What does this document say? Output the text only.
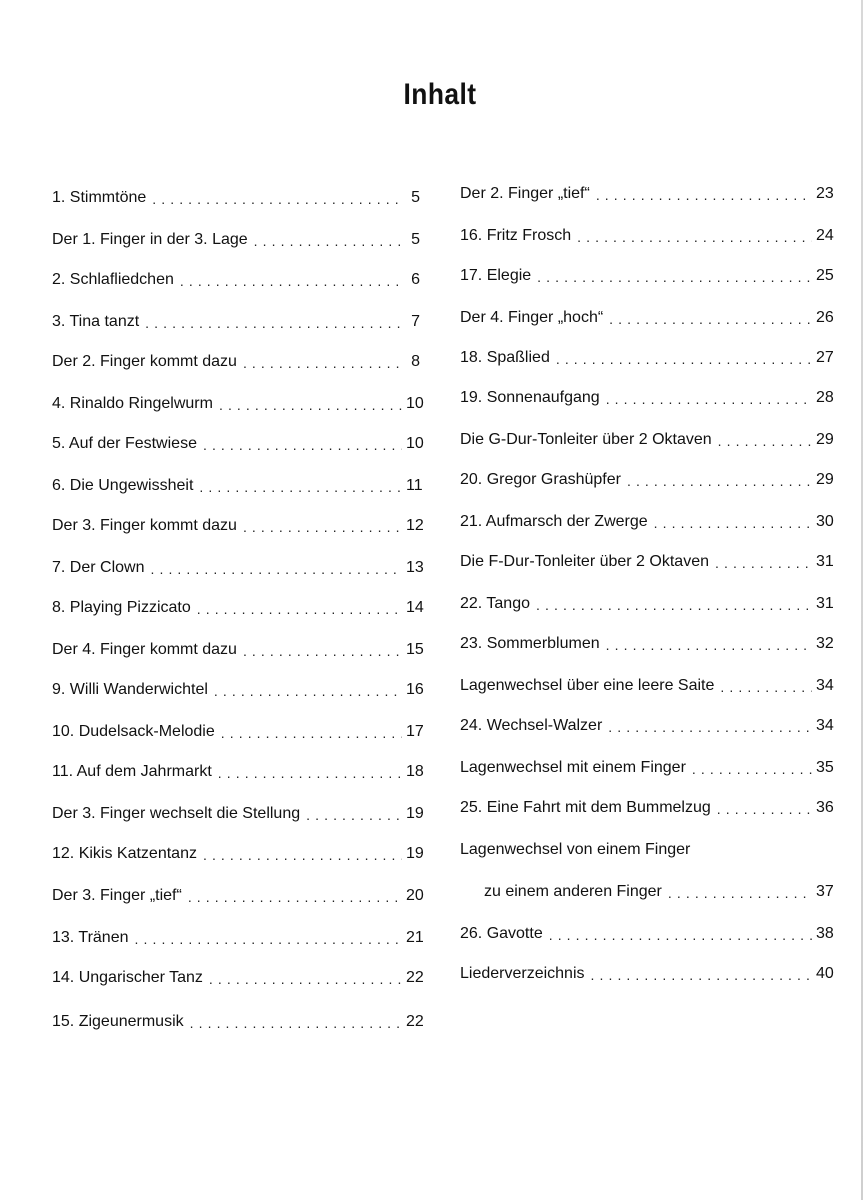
Inhalt
1. Stimmtöne . . .	5
Der 1. Finger in der 3. Lage . . .	5
2. Schlafliedchen . . .	6
3. Tina tanzt . . .	7
Der 2. Finger kommt dazu . . .	8
4. Rinaldo Ringelwurm . . .	10
5. Auf der Festwiese . . .	10
6. Die Ungewissheit . . .	11
Der 3. Finger kommt dazu . . .	12
7. Der Clown . . .	13
8. Playing Pizzicato . . .	14
Der 4. Finger kommt dazu . . .	15
9. Willi Wanderwichtel . . .	16
10. Dudelsack-Melodie . . .	17
11. Auf dem Jahrmarkt . . .	18
Der 3. Finger wechselt die Stellung . . .	19
12. Kikis Katzentanz . . .	19
Der 3. Finger „tief“ . . .	20
13. Tränen . . .	21
14. Ungarischer Tanz . . .	22
15. Zigeunermusik . . .	22
Der 2. Finger „tief“ . . .	23
16. Fritz Frosch . . .	24
17. Elegie . . .	25
Der 4. Finger „hoch“ . . .	26
18. Spaßlied . . .	27
19. Sonnenaufgang . . .	28
Die G-Dur-Tonleiter über 2 Oktaven . . .	29
20. Gregor Grashüpfer . . .	29
21. Aufmarsch der Zwerge . . .	30
Die F-Dur-Tonleiter über 2 Oktaven . . .	31
22. Tango . . .	31
23. Sommerblumen . . .	32
Lagenwechsel über eine leere Saite . . .	34
24. Wechsel-Walzer . . .	34
Lagenwechsel mit einem Finger . . .	35
25. Eine Fahrt mit dem Bummelzug . . .	36
Lagenwechsel von einem Finger
zu einem anderen Finger . . .	37
26. Gavotte . . .	38
Liederverzeichnis . . .	40
